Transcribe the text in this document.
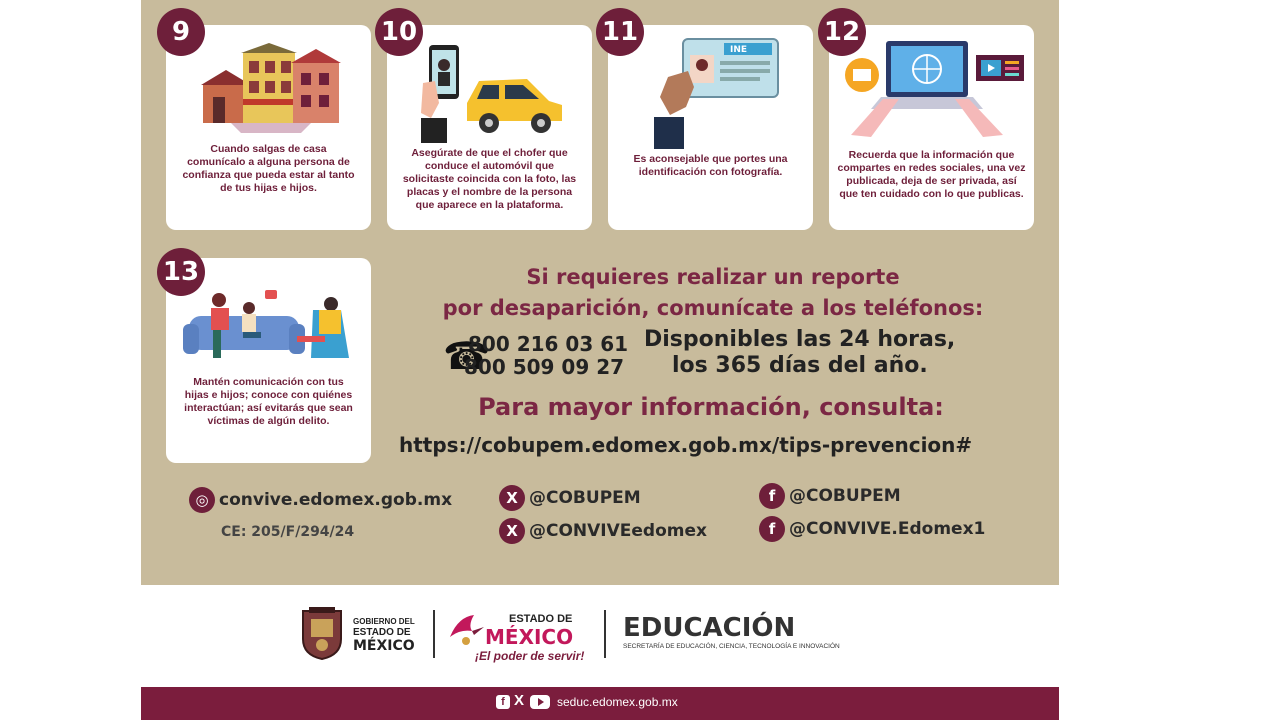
Cuando salgas de casa comunícalo a alguna persona de confianza que pueda estar al tanto de tus hijas e hijos.
9
Asegúrate de que el chofer que conduce el automóvil que solicitaste coincida con la foto, las placas y el nombre de la persona que aparece en la plataforma.
10
INE
Es aconsejable que portes una identificación con fotografía.
11
Recuerda que la información que compartes en redes sociales, una vez publicada, deja de ser privada, así que ten cuidado con lo que publicas.
12
Mantén comunicación con tus hijas e hijos; conoce con quiénes interactúan; así evitarás que sean víctimas de algún delito.
13	Si requieres realizar un reporte
por desaparición, comunícate a los teléfonos:
☎
800 216 03 61
800 509 09 27
Disponibles las 24 horas,
los 365 días del año.
Para mayor información, consulta:
https://cobupem.edomex.gob.mx/tips-prevencion#
◎ convive.edomex.gob.mx
CE: 205/F/294/24
X @COBUPEM
X @CONVIVEedomex
f @COBUPEM
f @CONVIVE.Edomex1
GOBIERNO DEL
ESTADO DE
MÉXICO
ESTADO DE
MÉXICO
¡El poder de servir!
EDUCACIÓN
SECRETARÍA DE EDUCACIÓN, CIENCIA, TECNOLOGÍA E INNOVACIÓN
f X	seduc.edomex.gob.mx
